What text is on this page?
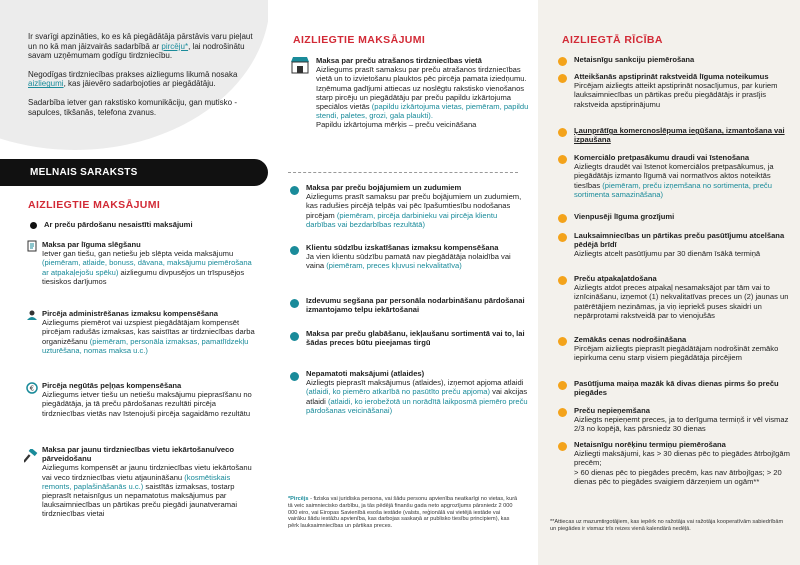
Ir svarīgi apzināties, ko es kā piegādātāja pārstāvis varu pieļaut un no kā man jāizvairās sadarbībā ar pircēju*, lai nodrošinātu savam uzņēmumam godīgu tirdzniecību.

Negodīgas tirdzniecības prakses aizliegums likumā nosaka aizliegumi, kas jāievēro sadarbojoties ar piegādātāju.

Sadarbība ietver gan rakstisko komunikāciju, gan mutisko - sapulces, tikšanās, telefona zvanus.

MELNAIS SARAKSTS
AIZLIEGTIE MAKSĀJUMI
Ar preču pārdošanu nesaistīti maksājumi
Maksa par līguma slēgšanu
Ietver gan tiešu, gan netiešu jeb slēpta veida maksājumu (piemēram, atlaide, bonuss, dāvana, maksājumu piemērošana ar atpakaļejošu spēku) aizliegumu divpusējos un trīspusējos tiesiskos darījumos
Pircēja administrēšanas izmaksu kompensēšana
Aizliegums piemērot vai uzspiest piegādātājam kompensēt pircējam radušās izmaksas, kas saistītas ar tirdzniecības darba organizēšanu (piemēram, personāla izmaksas, pamatlīdzekļu uzturēšana, nomas maksa u.c.)
€ Pircēja negūtās peļņas kompensēšana
Aizliegums ietver tiešu un netiešu maksājumu pieprasīšanu no piegādātāja, ja tā preču pārdošanas rezultāti pircēja tirdzniecības vietās nav īstenojuši pircēja sagaidāmo rezultātu
Maksa par jaunu tirdzniecības vietu iekārtošanu/veco pārveidošanu
Aizliegums kompensēt ar jaunu tirdzniecības vietu iekārtošanu vai veco tirdzniecības vietu atjaunināšanu (kosmētiskais remonts, paplašināšanās u.c.) saistītās izmaksas, tostarp pieprasīt netaisnīgus un nepamatotus maksājumus par lauksaimniecības un pārtikas preču piegādi jaunatveramai tirdzniecības vietai
AIZLIEGTIE MAKSĀJUMI
Maksa par preču atrašanos tirdzniecības vietā
Aizliegums prasīt samaksu par preču atrašanos tirdzniecības vietā un to izvietošanu plauktos pēc pircēja pamata iziedņumu. Izņēmuma gadījumi attiecas uz noslēgtu rakstisko vienošanos starp pircēju un piegādātāju par preču papildu izkārtojuma speciālos vietās (papildu izkārtojuma vietas, piemēram, papildu stendi, paletes, grozi, gala plaukti).
Papildu izkārtojuma mērķis – preču veicināšana
Maksa par preču bojājumiem un zudumiem
Aizliegums prasīt samaksu par preču bojājumiem un zudumiem, kas radušies pircējā telpās vai pēc īpašumtiesību nodošanas pircējam (piemēram, pircēja darbinieku vai pircēja klientu darbības vai bezdarbības rezultātā)
Klientu sūdzību izskatīšanas izmaksu kompensēšana
Ja vien klientu sūdzību pamatā nav piegādātāja nolaidība vai vaina (piemēram, preces kļuvusi nekvalitatīva)
Izdevumu segšana par personāla nodarbināšanu pārdošanai izmantojamo telpu iekārtošanai
Maksa par preču glabāšanu, iekļaušanu sortimentā vai to, lai šādas preces būtu pieejamas tirgū
Nepamatoti maksājumi (atlaides)
Aizliegts pieprasīt maksājumus (atlaides), izņemot apjoma atlaidi (atlaidi, ko piemēro atkarībā no pasūtīto preču apjoma) vai akcijas atlaidi (atlaidi, ko ierobežotā un norādītā laikposmā piemēro preču pārdošanas veicināšanai)
*Pircējs - fiziska vai juridiska persona, vai šādu personu apvienība neatkarīgi no vietas, kurā tā veic saimniecisko darbību, ja tās pēdējā finanšu gada neto apgrozījums pārsniedz 2 000 000 eiro, vai Eiropas Savienībā esoša iestāde (valsts, reģionālā vai vietējā iestāde vai vairāku šādu iestāžu apvienība, kas darbojas saskaņā ar publisko tiesību principiem), kas pērk lauksaimniecības un pārtikas preces.
AIZLIEGTĀ RĪCĪBA
Netaisnīgu sankciju piemērošana
Atteikšanās apstiprināt rakstveidā līguma noteikumus
Pircējam aizliegts atteikt apstiprināt nosacījumus, par kuriem lauksaimniecības un pārtikas preču piegādātājs ir prasījis rakstveida apstiprinājumu
Ļaunprātīga komercnoslēpuma iegūšana, izmantošana vai izpaušana
Komerciālo pretpasākumu draudi vai īstenošana
Aizliegts draudēt vai īstenot komerciālos pretpasākumus, ja piegādātājs izmanto līgumā vai normatīvos aktos noteiktās tiesības (piemēram, preču izņemšana no sortimenta, preču sortimenta samazināšana)
Vienpusēji līguma grozījumi
Lauksaimniecības un pārtikas preču pasūtījumu atcelšana pēdējā brīdī
Aizliegts atcelt pasūtījumu par 30 dienām īsākā termiņā
Preču atpakaļatdošana
Aizliegts atdot preces atpakaļ nesamaksājot par tām vai to iznīcināšanu, izņemot (1) nekvalitatīvas preces un (2) jaunas un patērētājiem nezināmas, ja viņ iepriekš puses skaidri un nepārprotami rakstveidā par to vienojušās
Zemākās cenas nodrošināšana
Pircējam aizliegts pieprasīt piegādātājam nodrošināt zemāko iepirkuma cenu starp visiem piegādātāja pircējiem
Pasūtījuma maiņa mazāk kā divas dienas pirms šo preču piegādes
Preču nepieņemšana
Aizliegts nepieņemt preces, ja to derīguma termiņš ir vēl vismaz 2/3 no kopējā, kas pārsniedz 30 dienas
Netaisnīgu norēķinu termiņu piemērošana
Aizliegti maksājumi, kas > 30 dienas pēc to piegādes ātrbojīgām precēm;
> 60 dienas pēc to piegādes precēm, kas nav ātrbojīgas; > 20 dienas pēc to piegādes svaigiem dārzeņiem un ogām**
**Attiecas uz mazumtirgotājiem, kas iepērk no ražotāja vai ražotāja kooperatīvām sabiedrībām un piegādes ir vismaz trīs reizes vienā kalendārā nedēļā.
